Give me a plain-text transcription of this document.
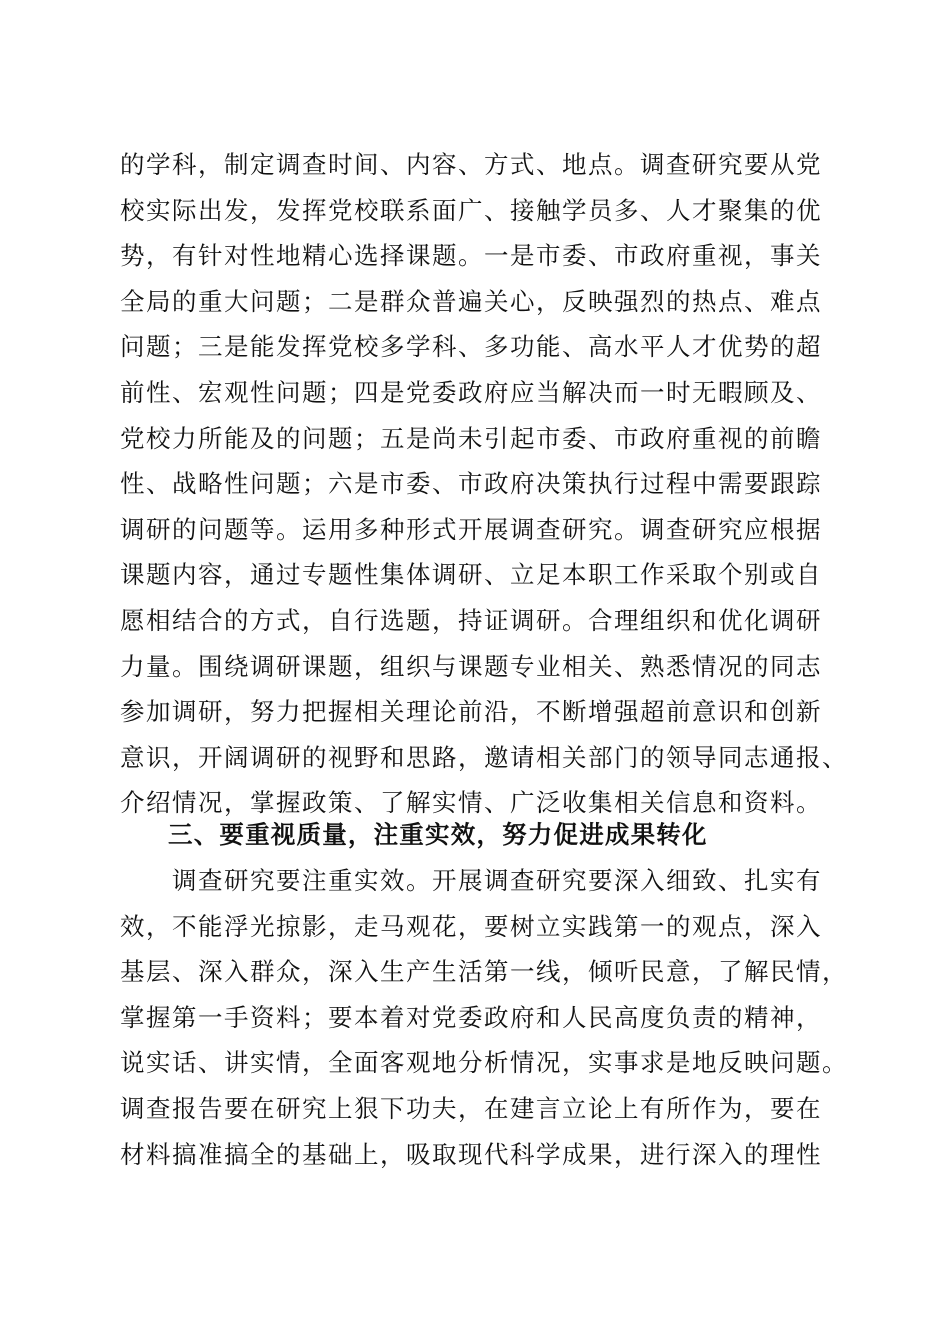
的学科，制定调查时间、内容、方式、地点。调查研究要从党
校实际出发，发挥党校联系面广、接触学员多、人才聚集的优
势，有针对性地精心选择课题。一是市委、市政府重视，事关
全局的重大问题；二是群众普遍关心，反映强烈的热点、难点
问题；三是能发挥党校多学科、多功能、高水平人才优势的超
前性、宏观性问题；四是党委政府应当解决而一时无暇顾及、
党校力所能及的问题；五是尚未引起市委、市政府重视的前瞻
性、战略性问题；六是市委、市政府决策执行过程中需要跟踪
调研的问题等。运用多种形式开展调查研究。调查研究应根据
课题内容，通过专题性集体调研、立足本职工作采取个别或自
愿相结合的方式，自行选题，持证调研。合理组织和优化调研
力量。围绕调研课题，组织与课题专业相关、熟悉情况的同志
参加调研，努力把握相关理论前沿，不断增强超前意识和创新
意识，开阔调研的视野和思路，邀请相关部门的领导同志通报、
介绍情况，掌握政策、了解实情、广泛收集相关信息和资料。
三、要重视质量，注重实效，努力促进成果转化
　　调查研究要注重实效。开展调查研究要深入细致、扎实有
效，不能浮光掠影，走马观花，要树立实践第一的观点，深入
基层、深入群众，深入生产生活第一线，倾听民意，了解民情，
掌握第一手资料；要本着对党委政府和人民高度负责的精神，
说实话、讲实情，全面客观地分析情况，实事求是地反映问题。
调查报告要在研究上狠下功夫，在建言立论上有所作为，要在
材料搞准搞全的基础上，吸取现代科学成果，进行深入的理性
